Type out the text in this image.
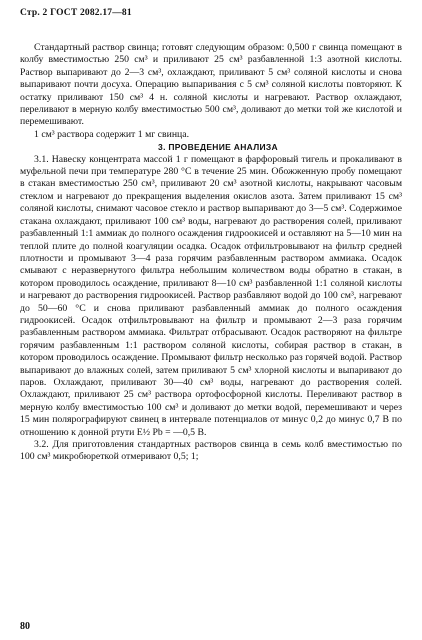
Стр. 2 ГОСТ 2082.17—81

Стандартный раствор свинца; готовят следующим образом: 0,500 г свинца помещают в колбу вместимостью 250 см³ и приливают 25 см³ разбавленной 1:3 азотной кислоты. Раствор выпаривают до 2—3 см³, охлаждают, приливают 5 см³ соляной кислоты и снова выпаривают почти досуха. Операцию выпаривания с 5 см³ соляной кислоты повторяют. К остатку приливают 150 см³ 4 н. соляной кислоты и нагревают. Раствор охлаждают, переливают в мерную колбу вместимостью 500 см³, доливают до метки той же кислотой и перемешивают.

1 см³ раствора содержит 1 мг свинца.

3. ПРОВЕДЕНИЕ АНАЛИЗА

3.1. Навеску концентрата массой 1 г помещают в фарфоровый тигель и прокаливают в муфельной печи при температуре 280 °С в течение 25 мин. Обожженную пробу помещают в стакан вместимостью 250 см³, приливают 20 см³ азотной кислоты, накрывают часовым стеклом и нагревают до прекращения выделения окислов азота. Затем приливают 15 см³ соляной кислоты, снимают часовое стекло и раствор выпаривают до 3—5 см³. Содержимое стакана охлаждают, приливают 100 см³ воды, нагревают до растворения солей, приливают разбавленный 1:1 аммиак до полного осаждения гидроокисей и оставляют на 5—10 мин на теплой плите до полной коагуляции осадка. Осадок отфильтровывают на фильтр средней плотности и промывают 3—4 раза горячим разбавленным раствором аммиака. Осадок смывают с неразвернутого фильтра небольшим количеством воды обратно в стакан, в котором проводилось осаждение, приливают 8—10 см³ разбавленной 1:1 соляной кислоты и нагревают до растворения гидроокисей. Раствор разбавляют водой до 100 см³, нагревают до 50—60 °С и снова приливают разбавленный аммиак до полного осаждения гидроокисей. Осадок отфильтровывают на фильтр и промывают 2—3 раза горячим разбавленным раствором аммиака. Фильтрат отбрасывают. Осадок растворяют на фильтре горячим разбавленным 1:1 раствором соляной кислоты, собирая раствор в стакан, в котором проводилось осаждение. Промывают фильтр несколько раз горячей водой. Раствор выпаривают до влажных солей, затем приливают 5 см³ хлорной кислоты и выпаривают до паров. Охлаждают, приливают 30—40 см³ воды, нагревают до растворения солей. Охлаждают, приливают 25 см³ раствора ортофосфорной кислоты. Переливают раствор в мерную колбу вместимостью 100 см³ и доливают до метки водой, перемешивают и через 15 мин полярографируют свинец в интервале потенциалов от минус 0,2 до минус 0,7 В по отношению к донной ртути E½ Pb = —0,5 В.

3.2. Для приготовления стандартных растворов свинца в семь колб вместимостью по 100 см³ микробюреткой отмеривают 0,5; 1;

80
